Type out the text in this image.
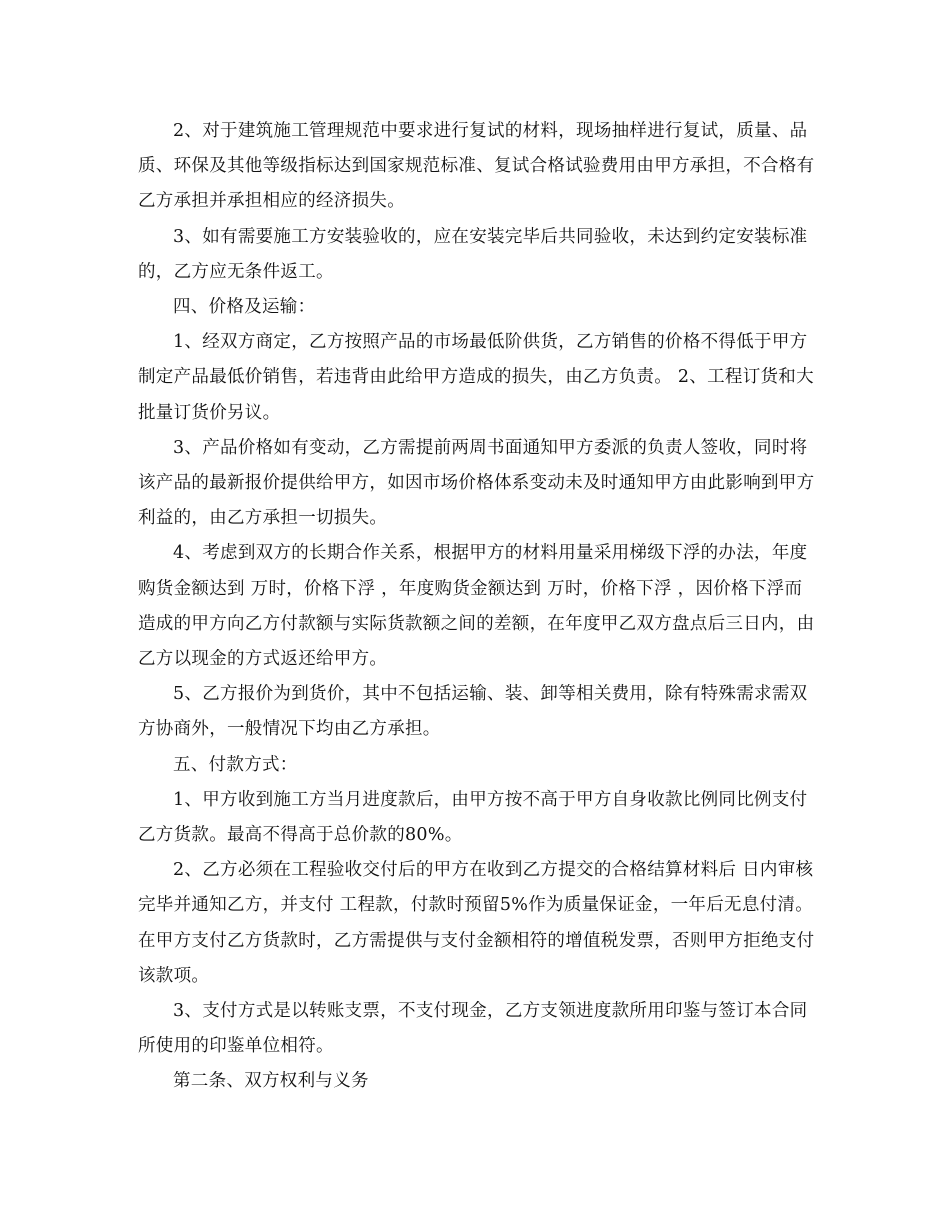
2、对于建筑施工管理规范中要求进行复试的材料，现场抽样进行复试，质量、品质、环保及其他等级指标达到国家规范标准、复试合格试验费用由甲方承担，不合格有乙方承担并承担相应的经济损失。

3、如有需要施工方安装验收的，应在安装完毕后共同验收，未达到约定安装标准的，乙方应无条件返工。

四、价格及运输：

1、经双方商定，乙方按照产品的市场最低阶供货，乙方销售的价格不得低于甲方制定产品最低价销售，若违背由此给甲方造成的损失，由乙方负责。 2、工程订货和大批量订货价另议。

3、产品价格如有变动，乙方需提前两周书面通知甲方委派的负责人签收，同时将该产品的最新报价提供给甲方，如因市场价格体系变动未及时通知甲方由此影响到甲方利益的，由乙方承担一切损失。

4、考虑到双方的长期合作关系，根据甲方的材料用量采用梯级下浮的办法，年度购货金额达到 万时，价格下浮 ，年度购货金额达到 万时，价格下浮 ，因价格下浮而造成的甲方向乙方付款额与实际货款额之间的差额，在年度甲乙双方盘点后三日内，由乙方以现金的方式返还给甲方。

5、乙方报价为到货价，其中不包括运输、装、卸等相关费用，除有特殊需求需双方协商外，一般情况下均由乙方承担。

五、付款方式：

1、甲方收到施工方当月进度款后，由甲方按不高于甲方自身收款比例同比例支付乙方货款。最高不得高于总价款的80%。

2、乙方必须在工程验收交付后的甲方在收到乙方提交的合格结算材料后 日内审核完毕并通知乙方，并支付 工程款，付款时预留5%作为质量保证金，一年后无息付清。在甲方支付乙方货款时，乙方需提供与支付金额相符的增值税发票，否则甲方拒绝支付该款项。

3、支付方式是以转账支票，不支付现金，乙方支领进度款所用印鉴与签订本合同所使用的印鉴单位相符。

第二条、双方权利与义务
